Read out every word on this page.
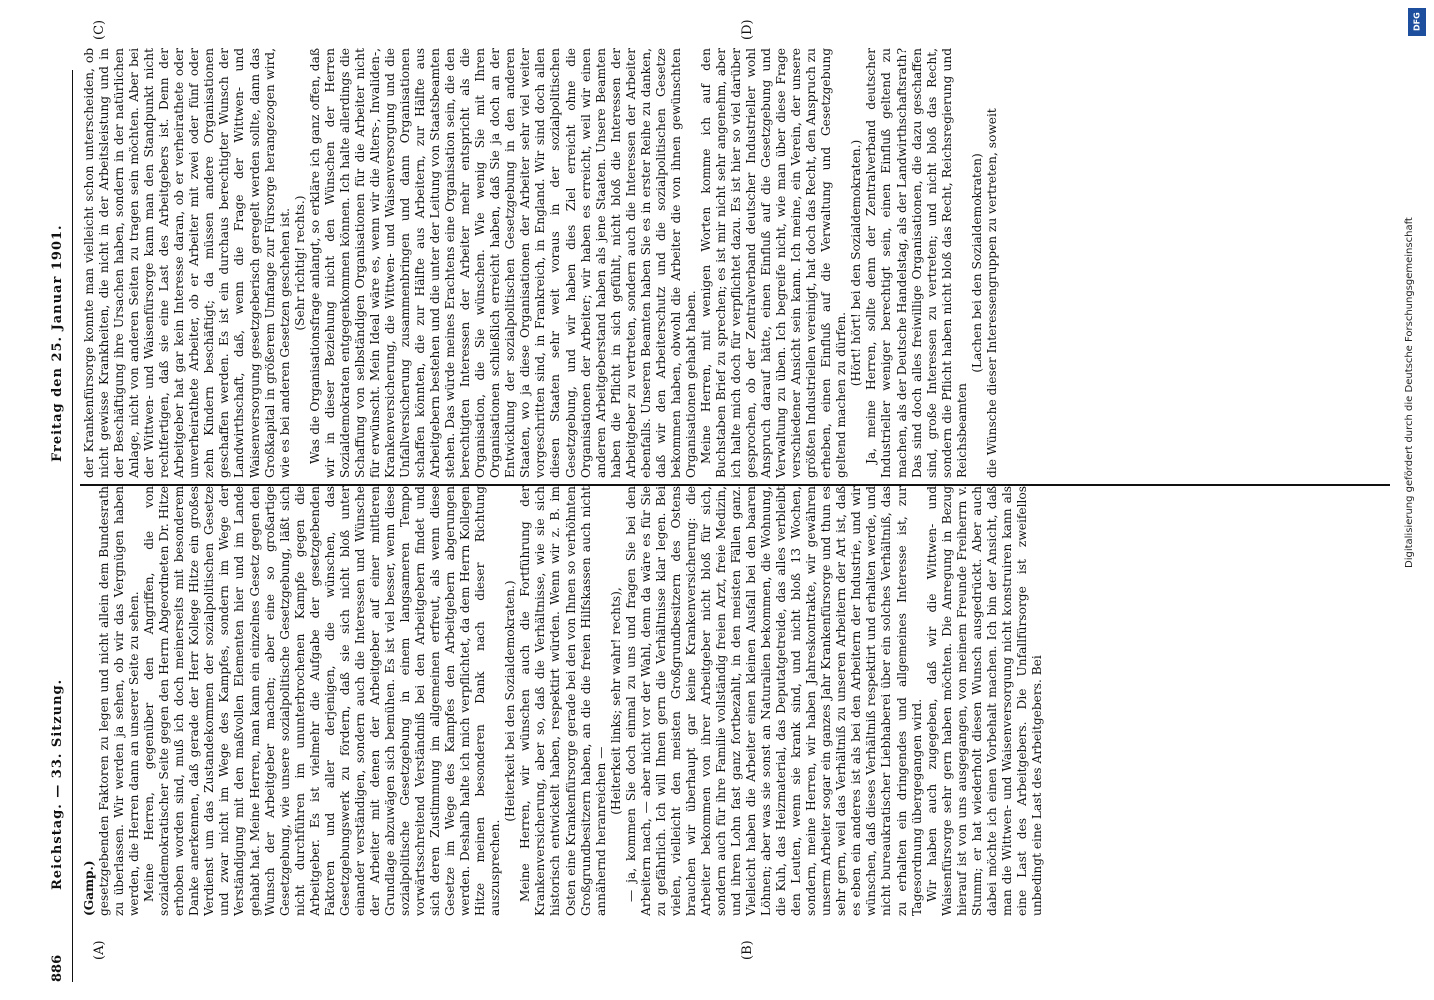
886
Reichstag. — 33. Sitzung.
Freitag den 25. Januar 1901.
(A)	(B)
(C)	(D)

(Gamp.) gesetzgebenden Faktoren zu legen und nicht allein dem Bundesrath zu überlassen. Wir werden ja sehen, ob wir das Vergnügen haben werden, die Herren dann an unserer Seite zu sehen. Meine Herren, gegenüber den Angriffen, die von sozialdemokratischer Seite gegen den Herrn Abgeordneten Dr. Hitze erhoben worden sind, muß ich doch meinerseits mit besonderem Danke anerkennen, daß gerade der Herr Kollege Hitze ein großes Verdienst um das Zustandekommen der sozialpolitischen Gesetze und zwar nicht im Wege des Kampfes, sondern im Wege der Verständigung mit den maßvollen Elementen hier und im Lande gehabt hat. Meine Herren, man kann ein einzelnes Gesetz gegen den Wunsch der Arbeitgeber machen; aber eine so großartige Gesetzgebung, wie unsere sozialpolitische Gesetzgebung, läßt sich nicht durchführen im ununterbrochenen Kampfe gegen die Arbeitgeber. Es ist vielmehr die Aufgabe der gesetzgebenden Faktoren und aller derjenigen, die wünschen, das Gesetzgebungswerk zu fördern, daß sie sich nicht bloß unter einander verständigen, sondern auch die Interessen und Wünsche der Arbeiter mit denen der Arbeitgeber auf einer mittleren Grundlage abzuwägen sich bemühen. Es ist viel besser, wenn diese sozialpolitische Gesetzgebung in einem langsameren Tempo vorwärtsschreitend Verständniß bei den Arbeitgebern findet und sich deren Zustimmung im allgemeinen erfreut, als wenn diese Gesetze im Wege des Kampfes den Arbeitgebern abgerungen werden. Deshalb halte ich mich verpflichtet, da dem Herrn Kollegen Hitze meinen besonderen Dank nach dieser Richtung auszusprechen.

(Heiterkeit bei den Sozialdemokraten.) Meine Herren, wir wünschen auch die Fortführung der Krankenversicherung, aber so, daß die Verhältnisse, wie sie sich historisch entwickelt haben, respektirt würden. Wenn wir z. B. im Osten eine Krankenfürsorge gerade bei den von Ihnen so verhöhnten Großgrundbesitzern haben, an die die freien Hilfskassen auch nicht annähernd heranreichen —

(Heiterkeit links; sehr wahr! rechts), — ja, kommen Sie doch einmal zu uns und fragen Sie bei den Arbeitern nach, — aber nicht vor der Wahl, denn da wäre es für Sie zu gefährlich. Ich will Ihnen gern die Verhältnisse klar legen. Bei vielen, vielleicht den meisten Großgrundbesitzern des Ostens brauchen wir überhaupt gar keine Krankenversicherung: die Arbeiter bekommen von ihrer Arbeitgeber nicht bloß für sich, sondern auch für ihre Familie vollständig freien Arzt, freie Medizin, und ihren Lohn fast ganz fortbezahlt, in den meisten Fällen ganz. Vielleicht haben die Arbeiter einen kleinen Ausfall bei den baaren Löhnen; aber was sie sonst an Naturalien bekommen, die Wohnung, die Kuh, das Heizmaterial, das Deputatgetreide, das alles verbleibt den Leuten, wenn sie krank sind, und nicht bloß 13 Wochen, sondern, meine Herren, wir haben Jahreskontrakte, wir gewähren unserm Arbeiter sogar ein ganzes Jahr Krankenfürsorge und thun es sehr gern, weil das Verhältniß zu unseren Arbeitern der Art ist, daß es eben ein anderes ist als bei den Arbeitern der Industrie, und wir wünschen, daß dieses Verhältniß respektirt und erhalten werde, und nicht bureaukratischer Liebhaberei über ein solches Verhältniß, das zu erhalten ein dringendes und allgemeines Interesse ist, zur Tagesordnung übergegangen wird. Wir haben auch zugegeben, daß wir die Wittwen- und Waisenfürsorge sehr gern haben möchten. Die Anregung in Bezug hierauf ist von uns ausgegangen, von meinem Freunde Freiherrn v. Stumm; er hat wiederholt diesen Wunsch ausgedrückt. Aber auch dabei möchte ich einen Vorbehalt machen. Ich bin der Ansicht, daß man die Wittwen- und Waisenversorgung nicht konstruiren kann als eine Last des Arbeitgebers. Die Unfallfürsorge ist zweifellos unbedingt eine Last des Arbeitgebers. Bei

der Krankenfürsorge konnte man vielleicht schon unterscheiden, ob nicht gewisse Krankheiten, die nicht in der Arbeitsleistung und in der Beschäftigung ihre Ursachen haben, sondern in der natürlichen Anlage, nicht von anderen Seiten zu tragen sein möchten. Aber bei der Wittwen- und Waisenfürsorge kann man den Standpunkt nicht rechtfertigen, daß sie eine Last des Arbeitgebers ist. Denn der Arbeitgeber hat gar kein Interesse daran, ob er verheirathete oder unverheirathete Arbeiter, ob er Arbeiter mit zwei oder fünf oder zehn Kindern beschäftigt; da müssen andere Organisationen geschaffen werden. Es ist ein durchaus berechtigter Wunsch der Landwirthschaft, daß, wenn die Frage der Wittwen- und Waisenversorgung gesetzgeberisch geregelt werden sollte, dann das Großkapital in größerem Umfange zur Fürsorge herangezogen wird, wie es bei anderen Gesetzen geschehen ist. (Sehr richtig! rechts.) Was die Organisationsfrage anlangt, so erkläre ich ganz offen, daß wir in dieser Beziehung nicht den Wünschen der Herren Sozialdemokraten entgegenkommen können. Ich halte allerdings die Schaffung von selbständigen Organisationen für die Arbeiter nicht für erwünscht. Mein Ideal wäre es, wenn wir die Alters-, Invaliden-, Krankenversicherung, die Wittwen- und Waisenversorgung und die Unfallversicherung zusammenbringen und dann Organisationen schaffen könnten, die zur Hälfte aus Arbeitern, zur Hälfte aus Arbeitgebern bestehen und die unter der Leitung von Staatsbeamten stehen. Das würde meines Erachtens eine Organisation sein, die den berechtigten Interessen der Arbeiter mehr entspricht als die Organisation, die Sie wünschen. Wie wenig Sie mit Ihren Organisationen schließlich erreicht haben, daß Sie ja doch an der Entwicklung der sozialpolitischen Gesetzgebung in den anderen Staaten, wo ja diese Organisationen der Arbeiter sehr viel weiter vorgeschritten sind, in Frankreich, in England. Wir sind doch allen diesen Staaten sehr weit voraus in der sozialpolitischen Gesetzgebung, und wir haben dies Ziel erreicht ohne die Organisationen der Arbeiter; wir haben es erreicht, weil wir einen anderen Arbeitgeberstand haben als jene Staaten. Unsere Beamten haben die Pflicht in sich gefühlt, nicht bloß die Interessen der Arbeitgeber zu vertreten, sondern auch die Interessen der Arbeiter ebenfalls. Unseren Beamten haben Sie es in erster Reihe zu danken, daß wir den Arbeiterschutz und die sozialpolitischen Gesetze bekommen haben, obwohl die Arbeiter die von ihnen gewünschten Organisationen gehabt haben. Meine Herren, mit wenigen Worten komme ich auf den Buchstaben Brief zu sprechen; es ist mir nicht sehr angenehm, aber ich halte mich doch für verpflichtet dazu. Es ist hier so viel darüber gesprochen, ob der Zentralverband deutscher Industrieller wohl Anspruch darauf hätte, einen Einfluß auf die Gesetzgebung und Verwaltung zu üben. Ich begreife nicht, wie man über diese Frage verschiedener Ansicht sein kann. Ich meine, ein Verein, der unsere größten Industriellen vereinigt, hat doch das Recht, den Anspruch zu erheben, einen Einfluß auf die Verwaltung und Gesetzgebung geltend machen zu dürfen.

(Hört! hört! bei den Sozialdemokraten.) Ja, meine Herren, sollte denn der Zentralverband deutscher Industrieller weniger berechtigt sein, einen Einfluß geltend zu machen, als der Deutsche Handelstag, als der Landwirthschaftsrath? Das sind doch alles freiwillige Organisationen, die dazu geschaffen sind, große Interessen zu vertreten; und nicht bloß das Recht, sondern die Pflicht haben nicht bloß das Recht, Reichsregierung und Reichsbeamten

(Lachen bei den Sozialdemokraten) die Wünsche dieser Interessengruppen zu vertreten, soweit

DFG
Digitalisierung gefördert durch die Deutsche Forschungsgemeinschaft
